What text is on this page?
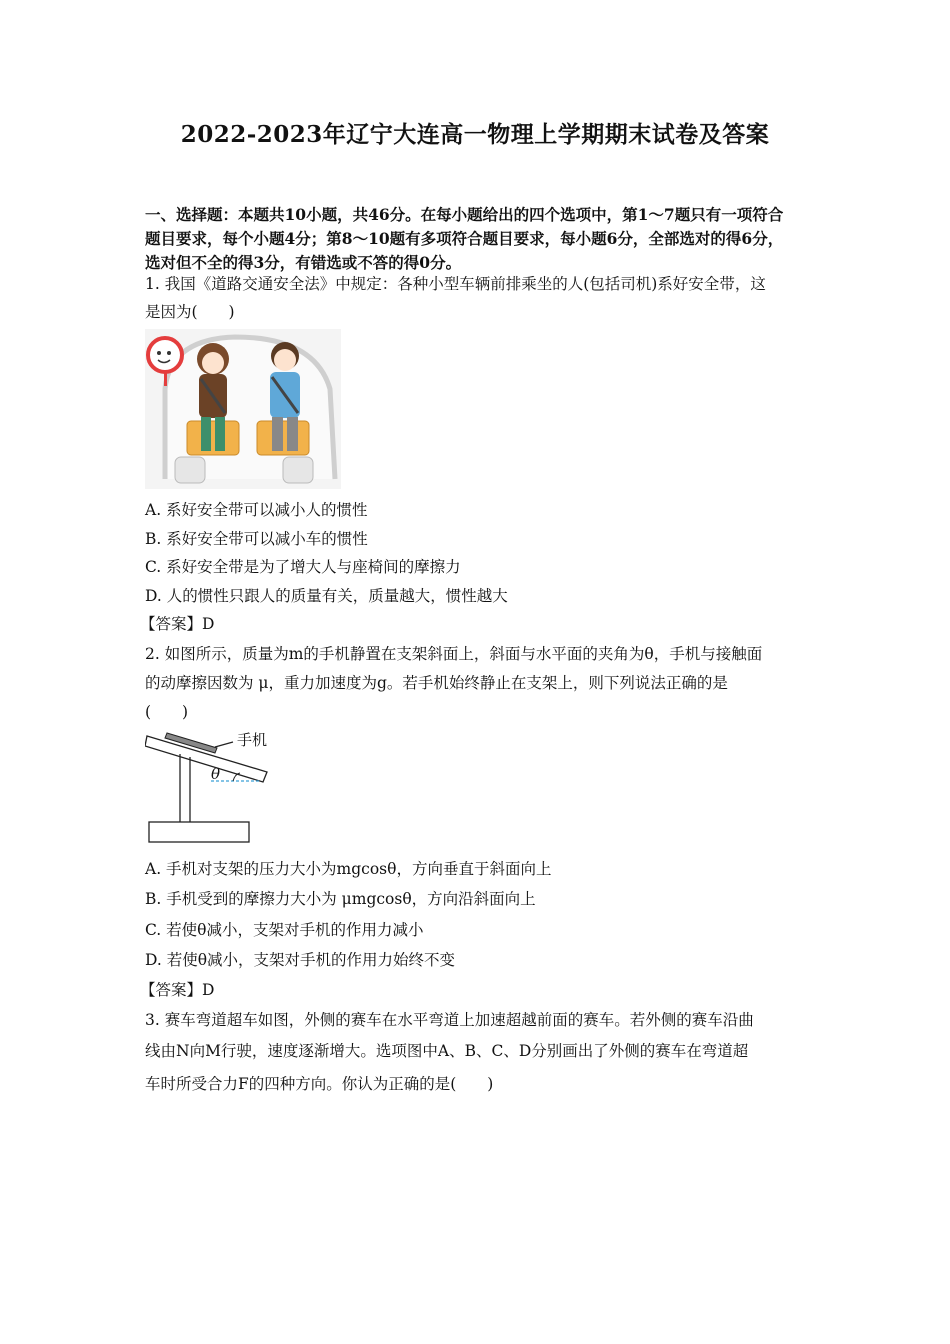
2022-2023年辽宁大连高一物理上学期期末试卷及答案
一、选择题：本题共10小题，共46分。在每小题给出的四个选项中，第1～7题只有一项符合
题目要求，每个小题4分；第8～10题有多项符合题目要求，每小题6分，全部选对的得6分，
选对但不全的得3分，有错选或不答的得0分。
1. 我国《道路交通安全法》中规定：各种小型车辆前排乘坐的人(包括司机)系好安全带，这
是因为(　　)
A. 系好安全带可以减小人的惯性
B. 系好安全带可以减小车的惯性
C. 系好安全带是为了增大人与座椅间的摩擦力
D. 人的惯性只跟人的质量有关，质量越大，惯性越大
【答案】D
2. 如图所示，质量为m的手机静置在支架斜面上，斜面与水平面的夹角为θ，手机与接触面
的动摩擦因数为 μ，重力加速度为g。若手机始终静止在支架上，则下列说法正确的是
(　　)
手机
θ
A. 手机对支架的压力大小为mgcosθ，方向垂直于斜面向上
B. 手机受到的摩擦力大小为 μmgcosθ，方向沿斜面向上
C. 若使θ减小，支架对手机的作用力减小
D. 若使θ减小，支架对手机的作用力始终不变
【答案】D
3. 赛车弯道超车如图，外侧的赛车在水平弯道上加速超越前面的赛车。若外侧的赛车沿曲
线由N向M行驶，速度逐渐增大。选项图中A、B、C、D分别画出了外侧的赛车在弯道超
车时所受合力F的四种方向。你认为正确的是(　　)
